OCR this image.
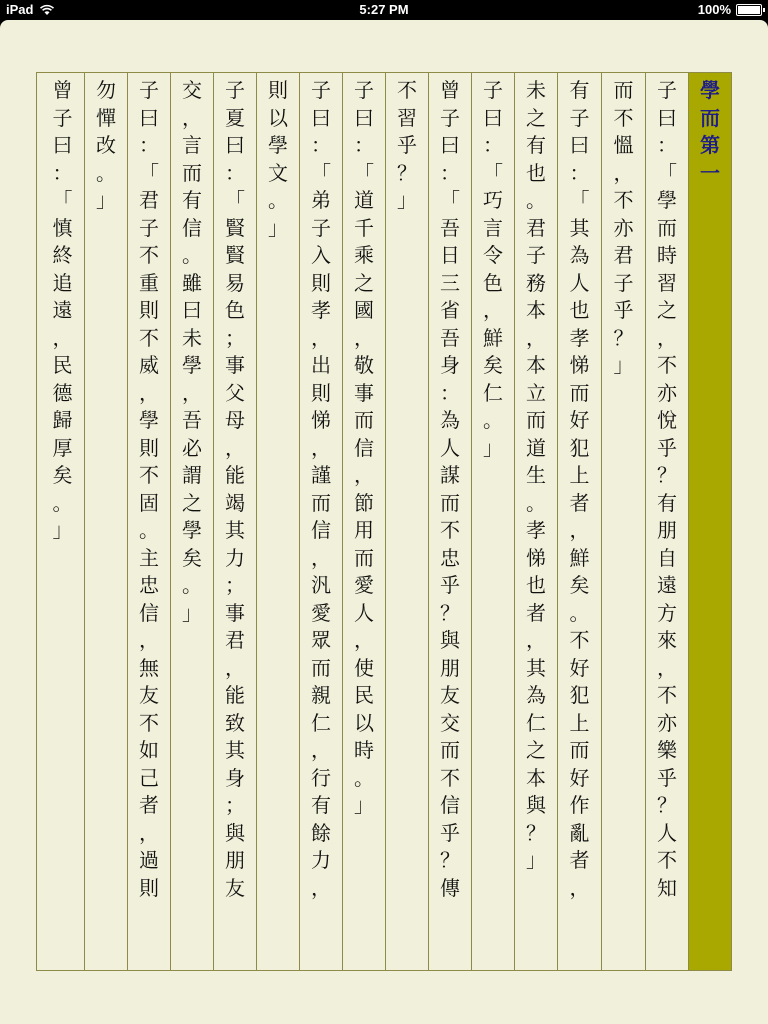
iPad	5:27 PM	100%
學
而
第
一
子
曰
：
「
學
而
時
習
之
，
不
亦
悅
乎
？
有
朋
自
遠
方
來
，
不
亦
樂
乎
？
人
不
知
而
不
慍
，
不
亦
君
子
乎
？
」
有
子
曰
：
「
其
為
人
也
孝
悌
而
好
犯
上
者
，
鮮
矣
。
不
好
犯
上
而
好
作
亂
者
，
未
之
有
也
。
君
子
務
本
，
本
立
而
道
生
。
孝
悌
也
者
，
其
為
仁
之
本
與
？
」
子
曰
：
「
巧
言
令
色
，
鮮
矣
仁
。
」
曾
子
曰
：
「
吾
日
三
省
吾
身
：
為
人
謀
而
不
忠
乎
？
與
朋
友
交
而
不
信
乎
？
傳
不
習
乎
？
」
子
曰
：
「
道
千
乘
之
國
，
敬
事
而
信
，
節
用
而
愛
人
，
使
民
以
時
。
」
子
曰
：
「
弟
子
入
則
孝
，
出
則
悌
，
謹
而
信
，
汎
愛
眾
而
親
仁
，
行
有
餘
力
，
則
以
學
文
。
」
子
夏
曰
：
「
賢
賢
易
色
；
事
父
母
，
能
竭
其
力
；
事
君
，
能
致
其
身
；
與
朋
友
交
，
言
而
有
信
。
雖
曰
未
學
，
吾
必
謂
之
學
矣
。
」
子
曰
：
「
君
子
不
重
則
不
威
，
學
則
不
固
。
主
忠
信
，
無
友
不
如
己
者
，
過
則
勿
憚
改
。
」
曾
子
曰
：
「
慎
終
追
遠
，
民
德
歸
厚
矣
。
」
